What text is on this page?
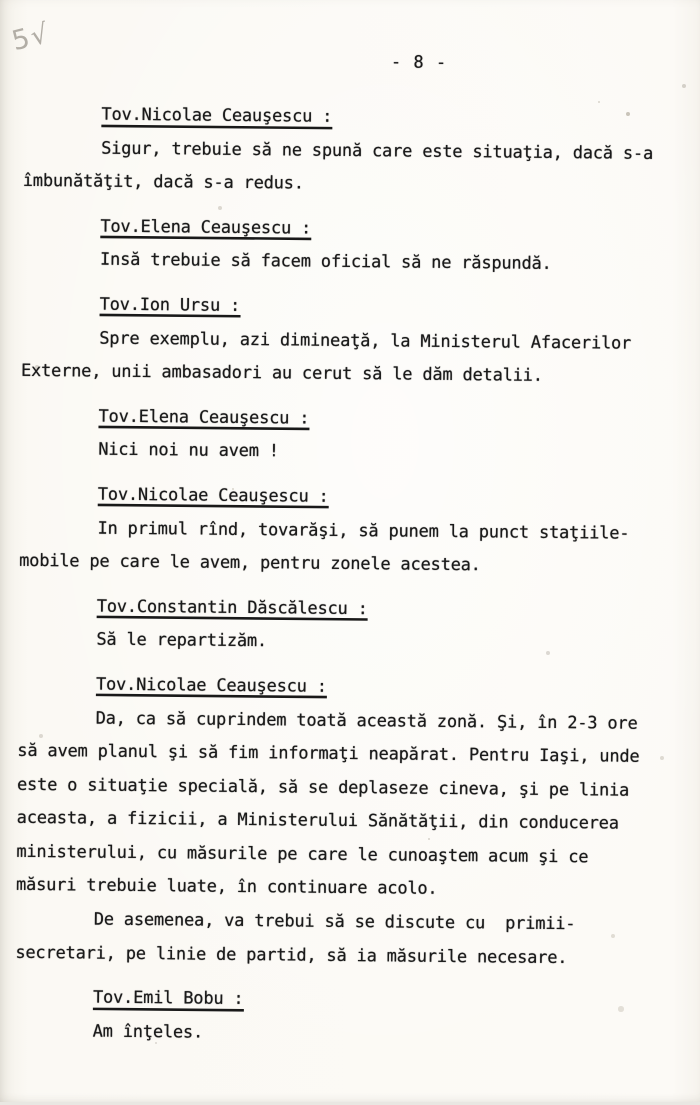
5√
- 8 -
Tov.Nicolae Ceauşescu :
Sigur, trebuie să ne spună care este situaţia, dacă s-a
îmbunătăţit, dacă s-a redus.
Tov.Elena Ceauşescu :
Insă trebuie să facem oficial să ne răspundă.
Tov.Ion Ursu :
Spre exemplu, azi dimineaţă, la Ministerul Afacerilor
Externe, unii ambasadori au cerut să le dăm detalii.
Tov.Elena Ceauşescu :
Nici noi nu avem !
Tov.Nicolae Ceauşescu :
In primul rînd, tovarăşi, să punem la punct staţiile-
mobile pe care le avem, pentru zonele acestea.
Tov.Constantin Dăscălescu :
Să le repartizăm.
Tov.Nicolae Ceauşescu :
Da, ca să cuprindem toată această zonă. Şi, în 2-3 ore
să avem planul şi să fim informaţi neapărat. Pentru Iaşi, unde
este o situaţie specială, să se deplaseze cineva, şi pe linia
aceasta, a fizicii, a Ministerului Sănătăţii, din conducerea
ministerului, cu măsurile pe care le cunoaştem acum şi ce
măsuri trebuie luate, în continuare acolo.
De asemenea, va trebui să se discute cu  primii-
secretari, pe linie de partid, să ia măsurile necesare.
Tov.Emil Bobu :
Am înţeles.
